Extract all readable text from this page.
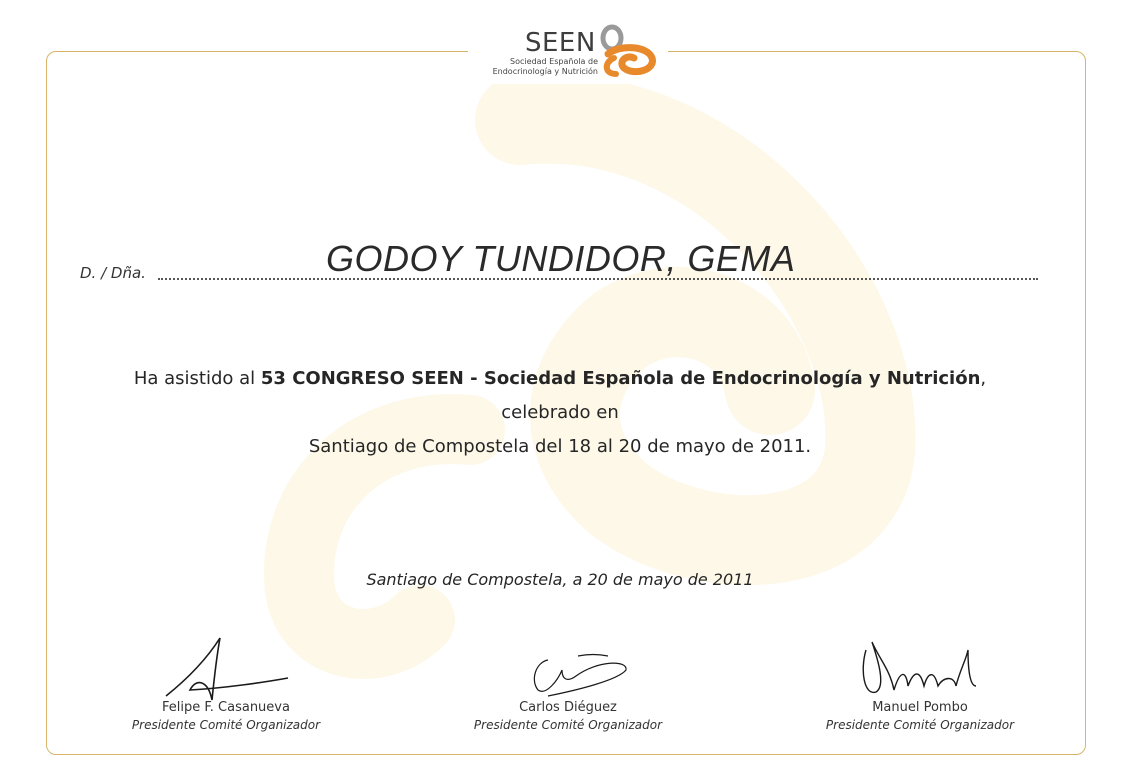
SEEN
Sociedad Española de Endocrinología y Nutrición
D. / Dña.	GODOY TUNDIDOR, GEMA
Ha asistido al 53 CONGRESO SEEN - Sociedad Española de Endocrinología y Nutrición, celebrado en
Santiago de Compostela del 18 al 20 de mayo de 2011.
Santiago de Compostela, a 20 de mayo de 2011
Felipe F. Casanueva
Presidente Comité Organizador
Carlos Diéguez
Presidente Comité Organizador
Manuel Pombo
Presidente Comité Organizador
